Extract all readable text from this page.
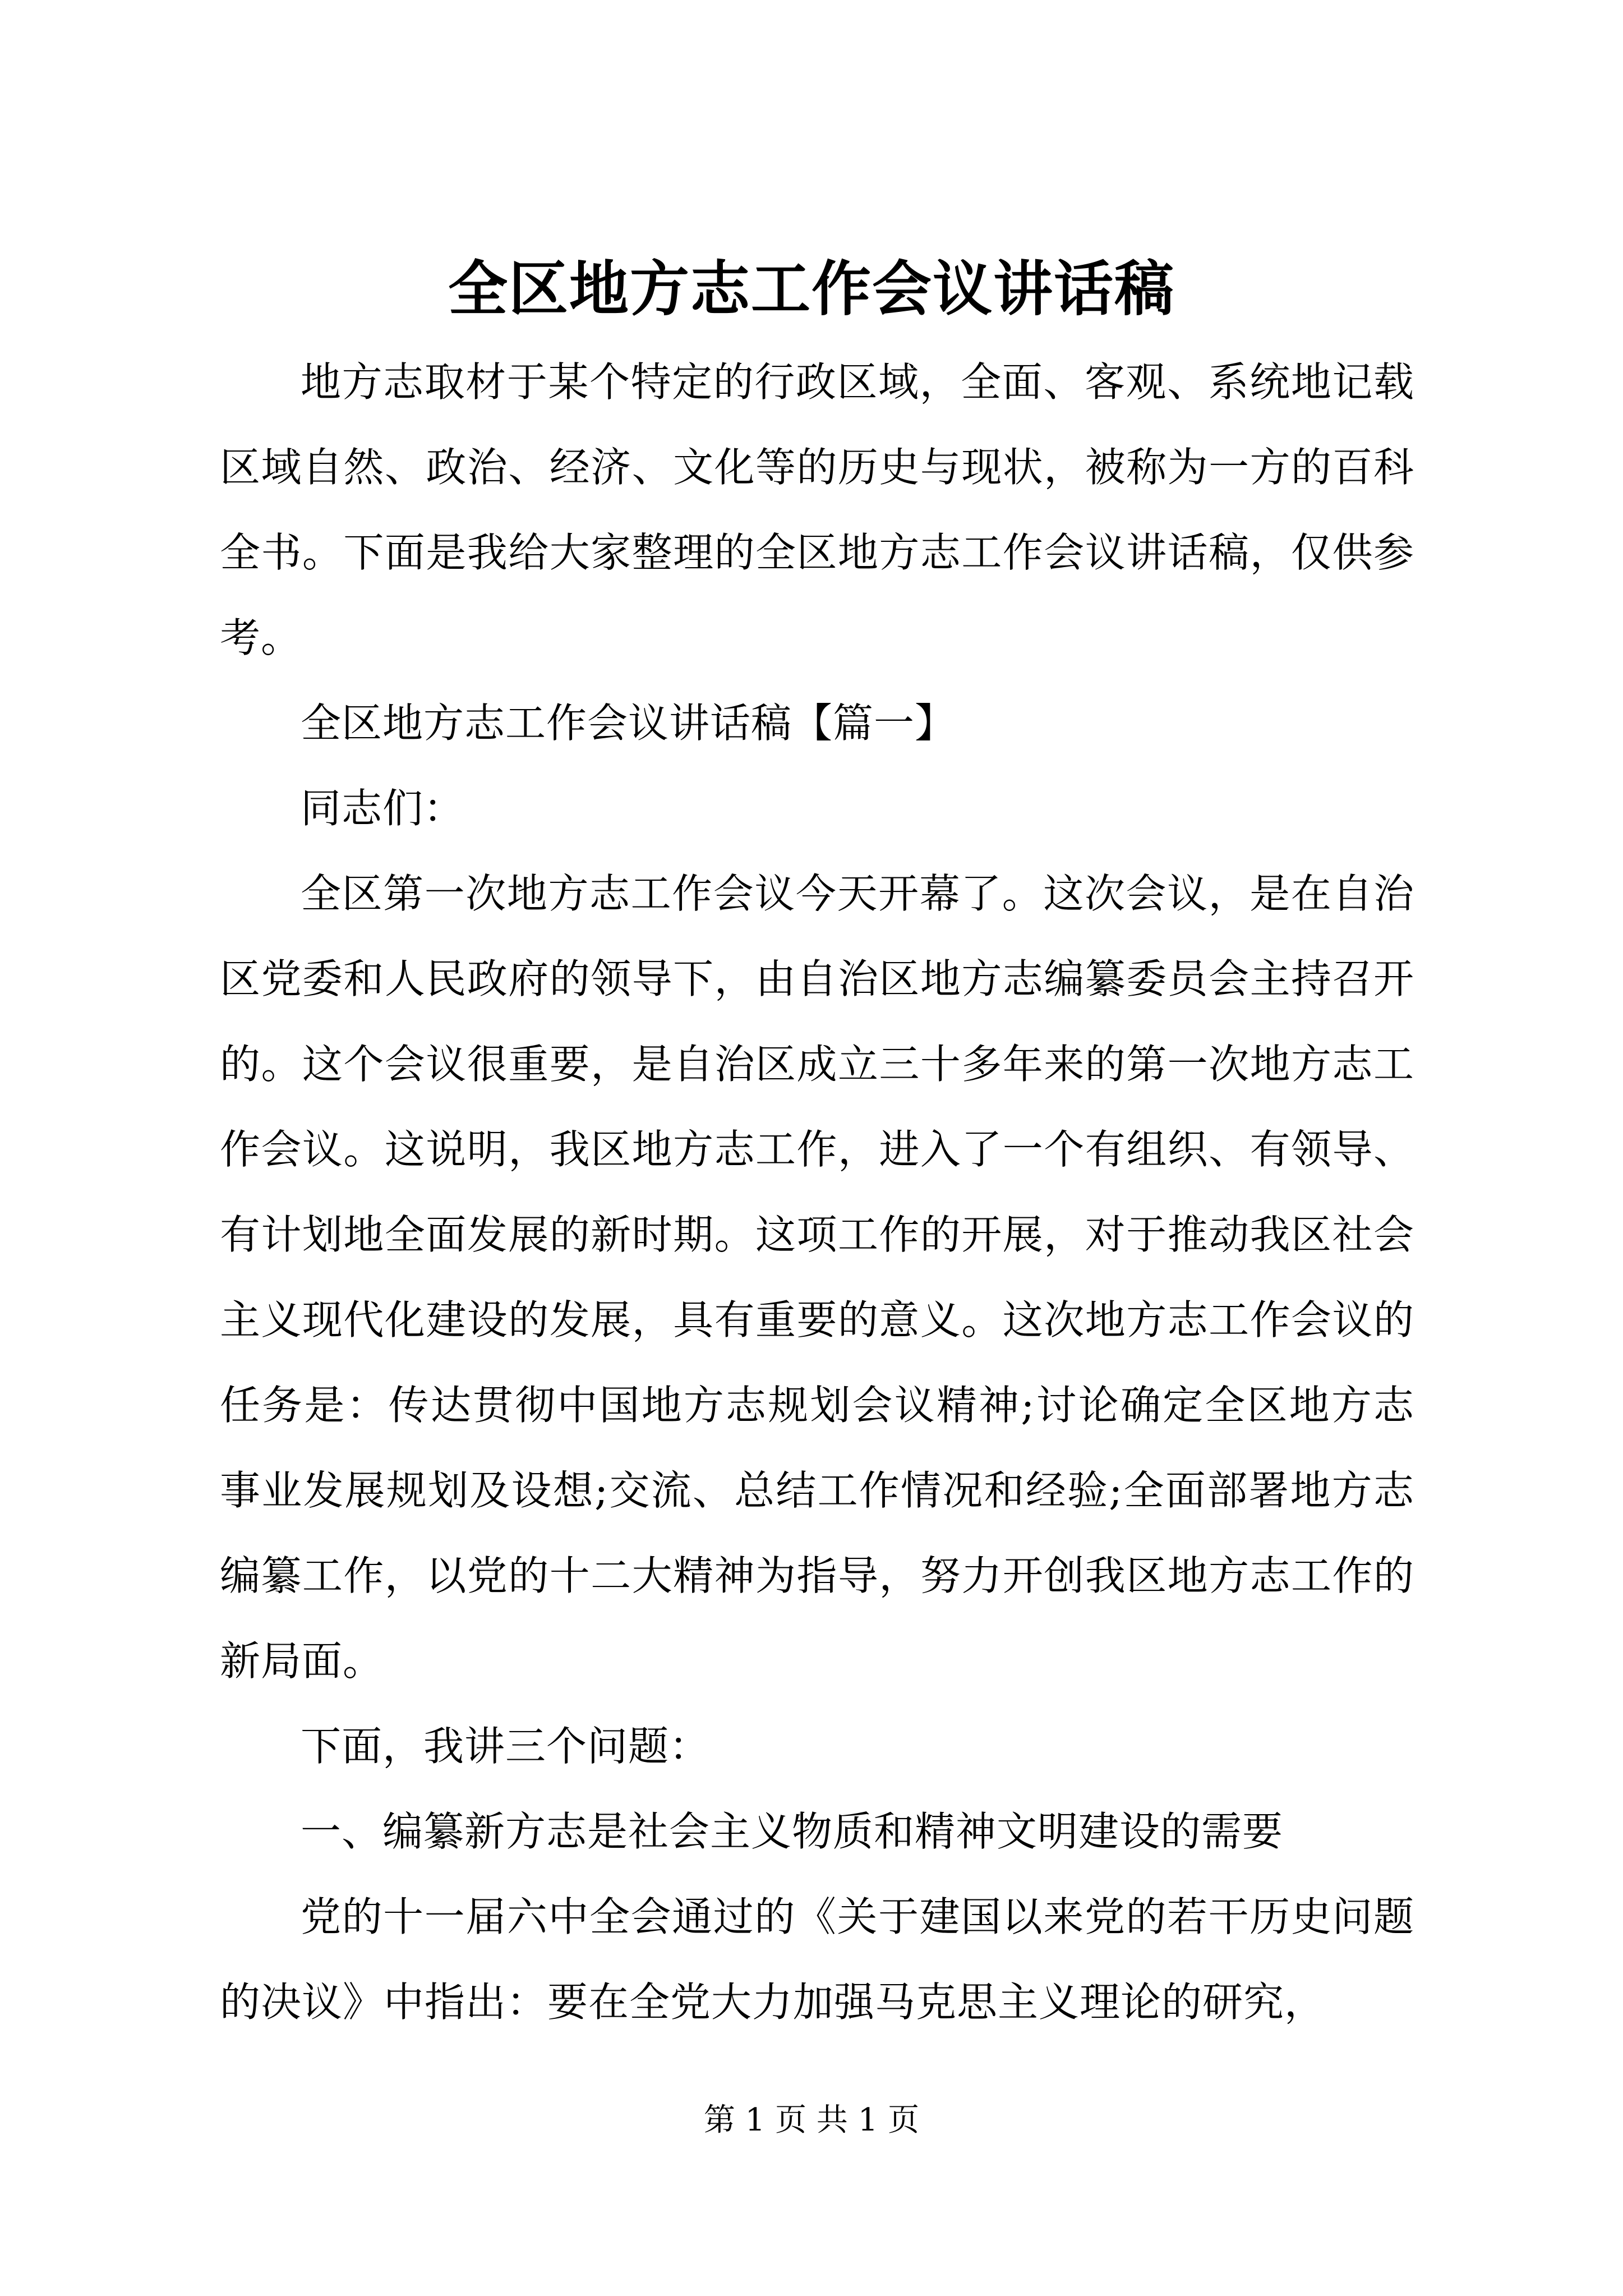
全区地方志工作会议讲话稿

地方志取材于某个特定的行政区域，全面、客观、系统地记载区域自然、政治、经济、文化等的历史与现状，被称为一方的百科全书。下面是我给大家整理的全区地方志工作会议讲话稿，仅供参考。

全区地方志工作会议讲话稿【篇一】

同志们：

全区第一次地方志工作会议今天开幕了。这次会议，是在自治区党委和人民政府的领导下，由自治区地方志编纂委员会主持召开的。这个会议很重要，是自治区成立三十多年来的第一次地方志工作会议。这说明，我区地方志工作，进入了一个有组织、有领导、有计划地全面发展的新时期。这项工作的开展，对于推动我区社会主义现代化建设的发展，具有重要的意义。这次地方志工作会议的任务是：传达贯彻中国地方志规划会议精神;讨论确定全区地方志事业发展规划及设想;交流、总结工作情况和经验;全面部署地方志编纂工作，以党的十二大精神为指导，努力开创我区地方志工作的新局面。

下面，我讲三个问题：

一、编纂新方志是社会主义物质和精神文明建设的需要

党的十一届六中全会通过的《关于建国以来党的若干历史问题的决议》中指出：要在全党大力加强马克思主义理论的研究，

第 1 页 共 1 页
